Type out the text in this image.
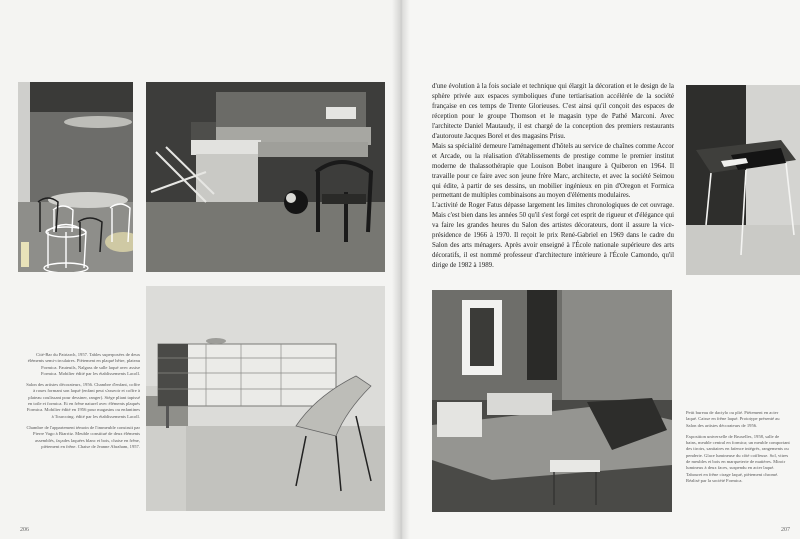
Cité-Bar du Patriarch, 1957. Tables superposées de deux éléments semi-circulaires. Piètement en plaqué hêtre, plateau Formica. Fauteuils, Nalgass de salle laqué avec assise Formica. Mobilier édité par les établissements Lacoll.

Salon des artistes décorateurs, 1956. Chambre d'enfant, coffre à roues formant son laqué (enfant peut s'asseoir et coffre à plateau coulissant pour dessiner, ranger). Siège pliant tapissé en toile et formica. Et en frêne naturel avec éléments plaqués Formica. Mobilier édité en 1956 pour magasins ou enfantines à Tourcoing. édité par les établissements Lacoll.

Chambre de l'appartement témoin de l'immeuble construit par Pierre Vago à Biarritz. Meuble constitué de deux éléments assemblés, façades laquées blanc et bois, chaise en frêne, piètement en frêne. Chaise de Jeanne Abraham, 1957.

206

d'une évolution à la fois sociale et technique qui élargit la décoration et le design de la sphère privée aux espaces symboliques d'une tertiarisation accélérée de la société française en ces temps de Trente Glorieuses. C'est ainsi qu'il conçoit des espaces de réception pour le groupe Thomson et le magasin type de Pathé Marconi. Avec l'architecte Daniel Mautaudy, il est chargé de la conception des premiers restaurants d'autoroute Jacques Borel et des magasins Prisu.

Mais sa spécialité demeure l'aménagement d'hôtels au service de chaînes comme Accor et Arcade, ou la réalisation d'établissements de prestige comme le premier institut moderne de thalassothérapie que Louison Bobet inaugure à Quiberon en 1964. Il travaille pour ce faire avec son jeune frère Marc, architecte, et avec la société Seimou qui édite, à partir de ses dessins, un mobilier ingénieux en pin d'Oregon et Formica permettant de multiples combinaisons au moyen d'éléments modulaires.

L'activité de Roger Fatus dépasse largement les limites chronologiques de cet ouvrage. Mais c'est bien dans les années 50 qu'il s'est forgé cet esprit de rigueur et d'élégance qui va faire les grandes heures du Salon des artistes décorateurs, dont il assure la vice-présidence de 1966 à 1970. Il reçoit le prix René-Gabriel en 1969 dans le cadre du Salon des arts ménagers. Après avoir enseigné à l'École nationale supérieure des arts décoratifs, il est nommé professeur d'architecture intérieure à l'École Camondo, qu'il dirige de 1982 à 1989.

Petit bureau de dactylo ou plié. Piètement en acier laqué. Caisse en frêne laqué. Prototype présenté au Salon des artistes décorateurs de 1956.

Exposition universelle de Bruxelles, 1958, salle de bains, meuble central en formica; un meuble comportant des tiroirs, sanitaires en faïence intégrés, rangements ou penderie. Glace lumineuse du côté coiffeuse. Sol, vitres de meubles et bois en marqueterie de matières. Miroir lumineux à deux faces, suspendu en acier laqué. Tabouret en frêne cirage laqué, piètement chromé. Réalisé par la société Formica.

207
